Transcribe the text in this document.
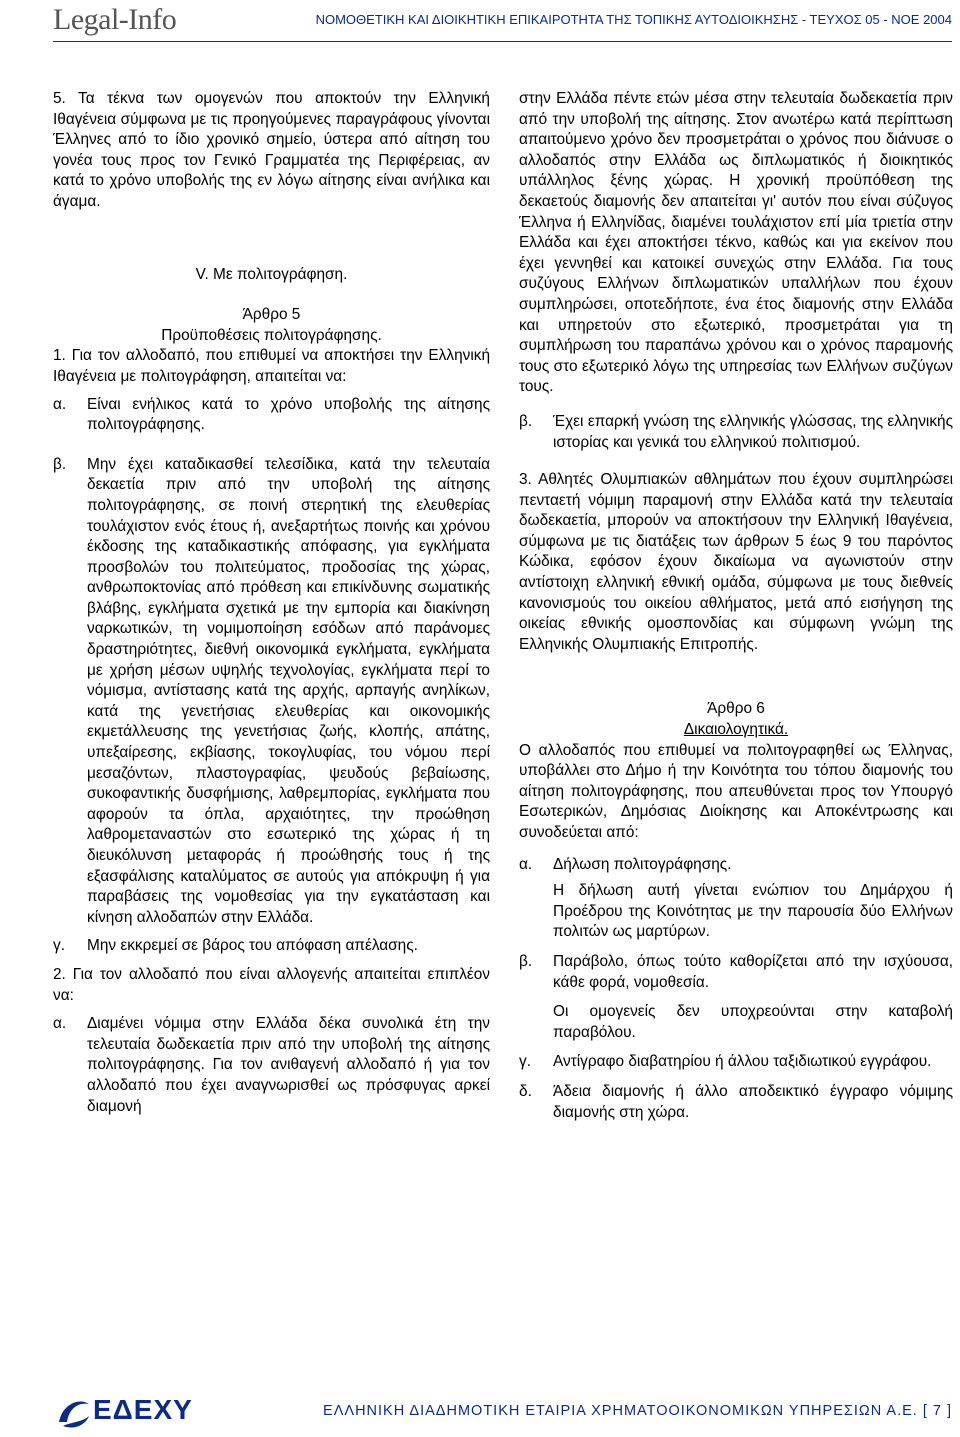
Legal-Info	ΝΟΜΟΘΕΤΙΚΗ ΚΑΙ ΔΙΟΙΚΗΤΙΚΗ ΕΠΙΚΑΙΡΟΤΗΤΑ ΤΗΣ ΤΟΠΙΚΗΣ ΑΥΤΟΔΙΟΙΚΗΣΗΣ - ΤΕΥΧΟΣ 05 - ΝΟΕ 2004

5. Τα τέκνα των ομογενών που αποκτούν την Ελληνική Ιθαγένεια σύμφωνα με τις προηγούμενες παραγράφους γίνονται Έλληνες από το ίδιο χρονικό σημείο, ύστερα από αίτηση του γονέα τους προς τον Γενικό Γραμματέα της Περιφέρειας, αν κατά το χρόνο υποβολής της εν λόγω αίτησης είναι ανήλικα και άγαμα.

V. Με πολιτογράφηση.

Άρθρο 5

Προϋποθέσεις πολιτογράφησης.

1. Για τον αλλοδαπό, που επιθυμεί να αποκτήσει την Ελληνική Ιθαγένεια με πολιτογράφηση, απαιτείται να:

α.	Είναι ενήλικος κατά το χρόνο υποβολής της αίτησης πολιτογράφησης.
β.	Μην έχει καταδικασθεί τελεσίδικα, κατά την τελευταία δεκαετία πριν από την υποβολή της αίτησης πολιτογράφησης, σε ποινή στερητική της ελευθερίας τουλάχιστον ενός έτους ή, ανεξαρτήτως ποινής και χρόνου έκδοσης της καταδικαστικής απόφασης, για εγκλήματα προσβολών του πολιτεύματος, προδοσίας της χώρας, ανθρωποκτονίας από πρόθεση και επικίνδυνης σωματικής βλάβης, εγκλήματα σχετικά με την εμπορία και διακίνηση ναρκωτικών, τη νομιμοποίηση εσόδων από παράνομες δραστηριότητες, διεθνή οικονομικά εγκλήματα, εγκλήματα με χρήση μέσων υψηλής τεχνολογίας, εγκλήματα περί το νόμισμα, αντίστασης κατά της αρχής, αρπαγής ανηλίκων, κατά της γενετήσιας ελευθερίας και οικονομικής εκμετάλλευσης της γενετήσιας ζωής, κλοπής, απάτης, υπεξαίρεσης, εκβίασης, τοκογλυφίας, του νόμου περί μεσαζόντων, πλαστογραφίας, ψευδούς βεβαίωσης, συκοφαντικής δυσφήμισης, λαθρεμπορίας, εγκλήματα που αφορούν τα όπλα, αρχαιότητες, την προώθηση λαθρομεταναστών στο εσωτερικό της χώρας ή τη διευκόλυνση μεταφοράς ή προώθησής τους ή της εξασφάλισης καταλύματος σε αυτούς για απόκρυψη ή για παραβάσεις της νομοθεσίας για την εγκατάσταση και κίνηση αλλοδαπών στην Ελλάδα.
γ.	Μην εκκρεμεί σε βάρος του απόφαση απέλασης.

2. Για τον αλλοδαπό που είναι αλλογενής απαιτείται επιπλέον να:

α.	Διαμένει νόμιμα στην Ελλάδα δέκα συνολικά έτη την τελευταία δωδεκαετία πριν από την υποβολή της αίτησης πολιτογράφησης. Για τον ανιθαγενή αλλοδαπό ή για τον αλλοδαπό που έχει αναγνωρισθεί ως πρόσφυγας αρκεί διαμονή

στην Ελλάδα πέντε ετών μέσα στην τελευταία δωδεκαετία πριν από την υποβολή της αίτησης. Στον ανωτέρω κατά περίπτωση απαιτούμενο χρόνο δεν προσμετράται ο χρόνος που διάνυσε ο αλλοδαπός στην Ελλάδα ως διπλωματικός ή διοικητικός υπάλληλος ξένης χώρας. Η χρονική προϋπόθεση της δεκαετούς διαμονής δεν απαιτείται γι' αυτόν που είναι σύζυγος Έλληνα ή Ελληνίδας, διαμένει τουλάχιστον επί μία τριετία στην Ελλάδα και έχει αποκτήσει τέκνο, καθώς και για εκείνον που έχει γεννηθεί και κατοικεί συνεχώς στην Ελλάδα. Για τους συζύγους Ελλήνων διπλωματικών υπαλλήλων που έχουν συμπληρώσει, οποτεδήποτε, ένα έτος διαμονής στην Ελλάδα και υπηρετούν στο εξωτερικό, προσμετράται για τη συμπλήρωση του παραπάνω χρόνου και ο χρόνος παραμονής τους στο εξωτερικό λόγω της υπηρεσίας των Ελλήνων συζύγων τους.

β.	Έχει επαρκή γνώση της ελληνικής γλώσσας, της ελληνικής ιστορίας και γενικά του ελληνικού πολιτισμού.

3. Αθλητές Ολυμπιακών αθλημάτων που έχουν συμπληρώσει πενταετή νόμιμη παραμονή στην Ελλάδα κατά την τελευταία δωδεκαετία, μπορούν να αποκτήσουν την Ελληνική Ιθαγένεια, σύμφωνα με τις διατάξεις των άρθρων 5 έως 9 του παρόντος Κώδικα, εφόσον έχουν δικαίωμα να αγωνιστούν στην αντίστοιχη ελληνική εθνική ομάδα, σύμφωνα με τους διεθνείς κανονισμούς του οικείου αθλήματος, μετά από εισήγηση της οικείας εθνικής ομοσπονδίας και σύμφωνη γνώμη της Ελληνικής Ολυμπιακής Επιτροπής.

Άρθρο 6

Δικαιολογητικά.

Ο αλλοδαπός που επιθυμεί να πολιτογραφηθεί ως Έλληνας, υποβάλλει στο Δήμο ή την Κοινότητα του τόπου διαμονής του αίτηση πολιτογράφησης, που απευθύνεται προς τον Υπουργό Εσωτερικών, Δημόσιας Διοίκησης και Αποκέντρωσης και συνοδεύεται από:

α.	Δήλωση πολιτογράφησης.

Η δήλωση αυτή γίνεται ενώπιον του Δημάρχου ή Προέδρου της Κοινότητας με την παρουσία δύο Ελλήνων πολιτών ως μαρτύρων.

β.	Παράβολο, όπως τούτο καθορίζεται από την ισχύουσα, κάθε φορά, νομοθεσία.

Οι ομογενείς δεν υποχρεούνται στην καταβολή παραβόλου.

γ.	Αντίγραφο διαβατηρίου ή άλλου ταξιδιωτικού εγγράφου.
δ.	Άδεια διαμονής ή άλλο αποδεικτικό έγγραφο νόμιμης διαμονής στη χώρα.
ΕΔΕΧΥ	ΕΛΛΗΝΙΚΗ ΔΙΑΔΗΜΟΤΙΚΗ ΕΤΑΙΡΙΑ ΧΡΗΜΑΤΟΟΙΚΟΝΟΜΙΚΩΝ ΥΠΗΡΕΣΙΩΝ Α.Ε. [ 7 ]
